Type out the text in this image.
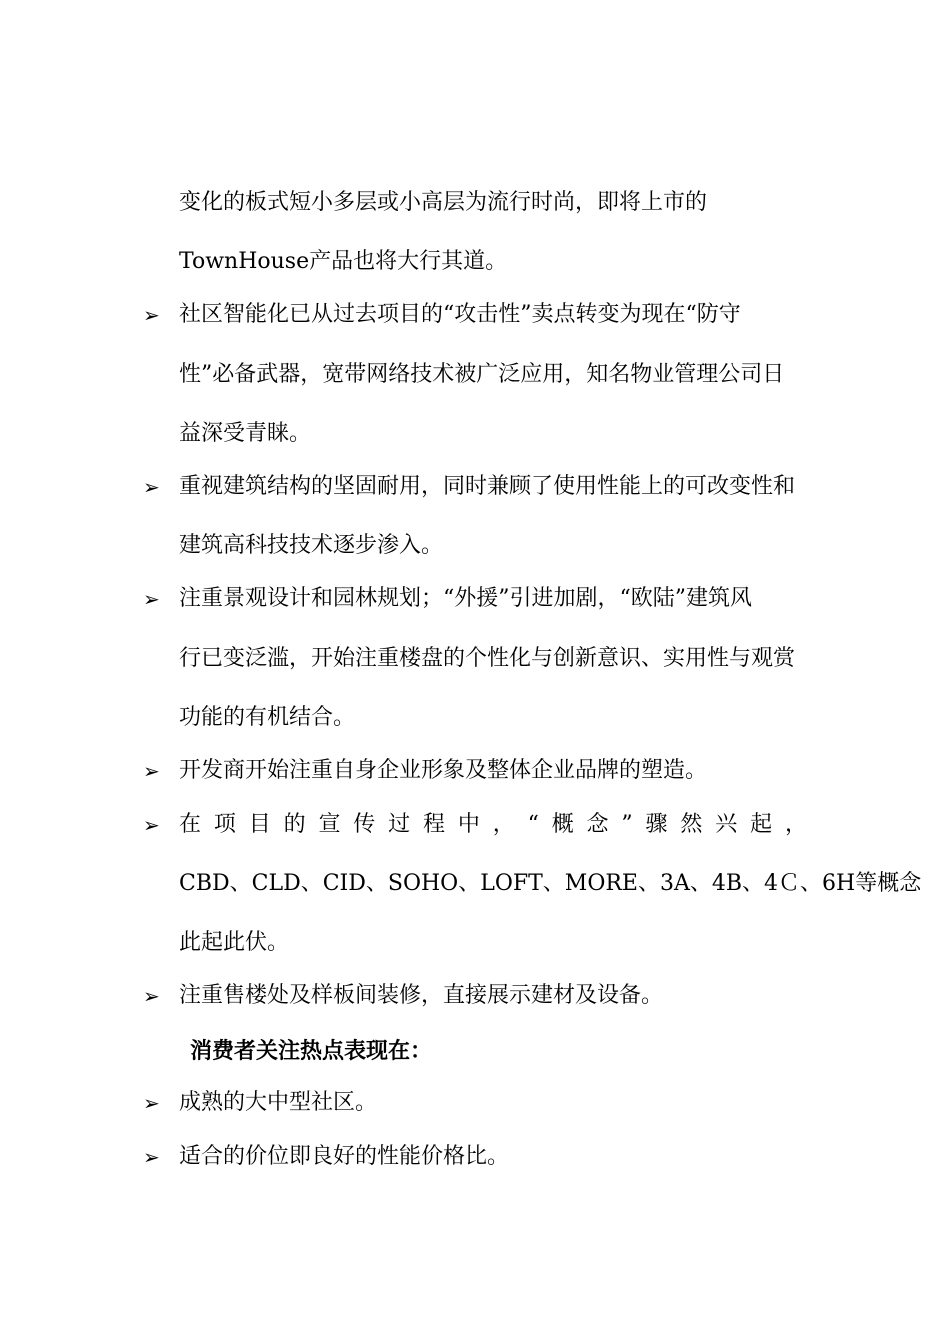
变化的板式短小多层或小高层为流行时尚，即将上市的
TownHouse产品也将大行其道。
➢ 社区智能化已从过去项目的“攻击性”卖点转变为现在“防守
性”必备武器，宽带网络技术被广泛应用，知名物业管理公司日
益深受青睐。
➢ 重视建筑结构的坚固耐用，同时兼顾了使用性能上的可改变性和
建筑高科技技术逐步渗入。
➢ 注重景观设计和园林规划；“外援”引进加剧，“欧陆”建筑风
行已变泛滥，开始注重楼盘的个性化与创新意识、实用性与观赏
功能的有机结合。
➢ 开发商开始注重自身企业形象及整体企业品牌的塑造。
➢ 在 项 目 的 宣 传 过 程 中 ， “ 概 念 ” 骤 然 兴 起 ，
CBD、CLD、CID、SOHO、LOFT、MORE、3A、4B、4Ｃ、6H等概念
此起此伏。
➢ 注重售楼处及样板间装修，直接展示建材及设备。
消费者关注热点表现在：
➢ 成熟的大中型社区。
➢ 适合的价位即良好的性能价格比。
